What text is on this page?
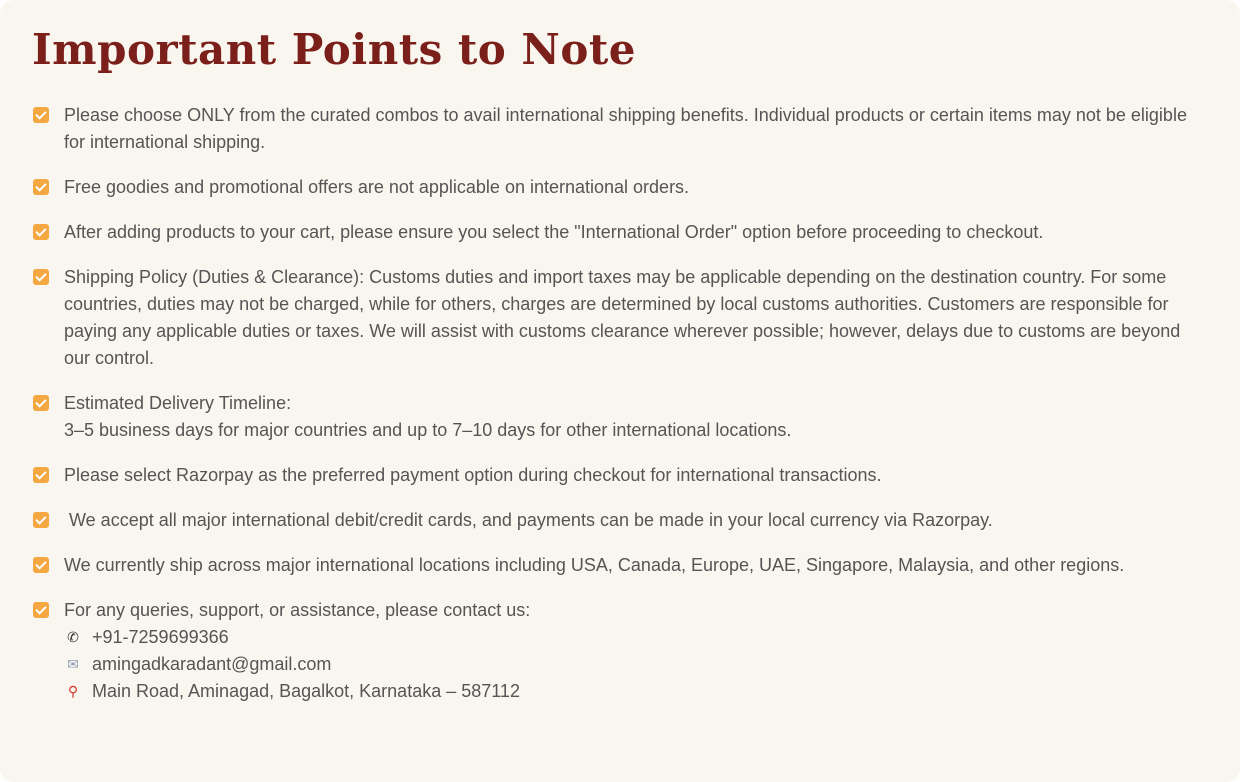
Important Points to Note
Please choose ONLY from the curated combos to avail international shipping benefits. Individual products or certain items may not be eligible for international shipping.
Free goodies and promotional offers are not applicable on international orders.
After adding products to your cart, please ensure you select the "International Order" option before proceeding to checkout.
Shipping Policy (Duties & Clearance): Customs duties and import taxes may be applicable depending on the destination country. For some countries, duties may not be charged, while for others, charges are determined by local customs authorities. Customers are responsible for paying any applicable duties or taxes. We will assist with customs clearance wherever possible; however, delays due to customs are beyond our control.
Estimated Delivery Timeline:
3–5 business days for major countries and up to 7–10 days for other international locations.
Please select Razorpay as the preferred payment option during checkout for international transactions.
We accept all major international debit/credit cards, and payments can be made in your local currency via Razorpay.
We currently ship across major international locations including USA, Canada, Europe, UAE, Singapore, Malaysia, and other regions.
For any queries, support, or assistance, please contact us:
✆ +91-7259699366
✉ amingadkaradant@gmail.com
⚲ Main Road, Aminagad, Bagalkot, Karnataka – 587112
